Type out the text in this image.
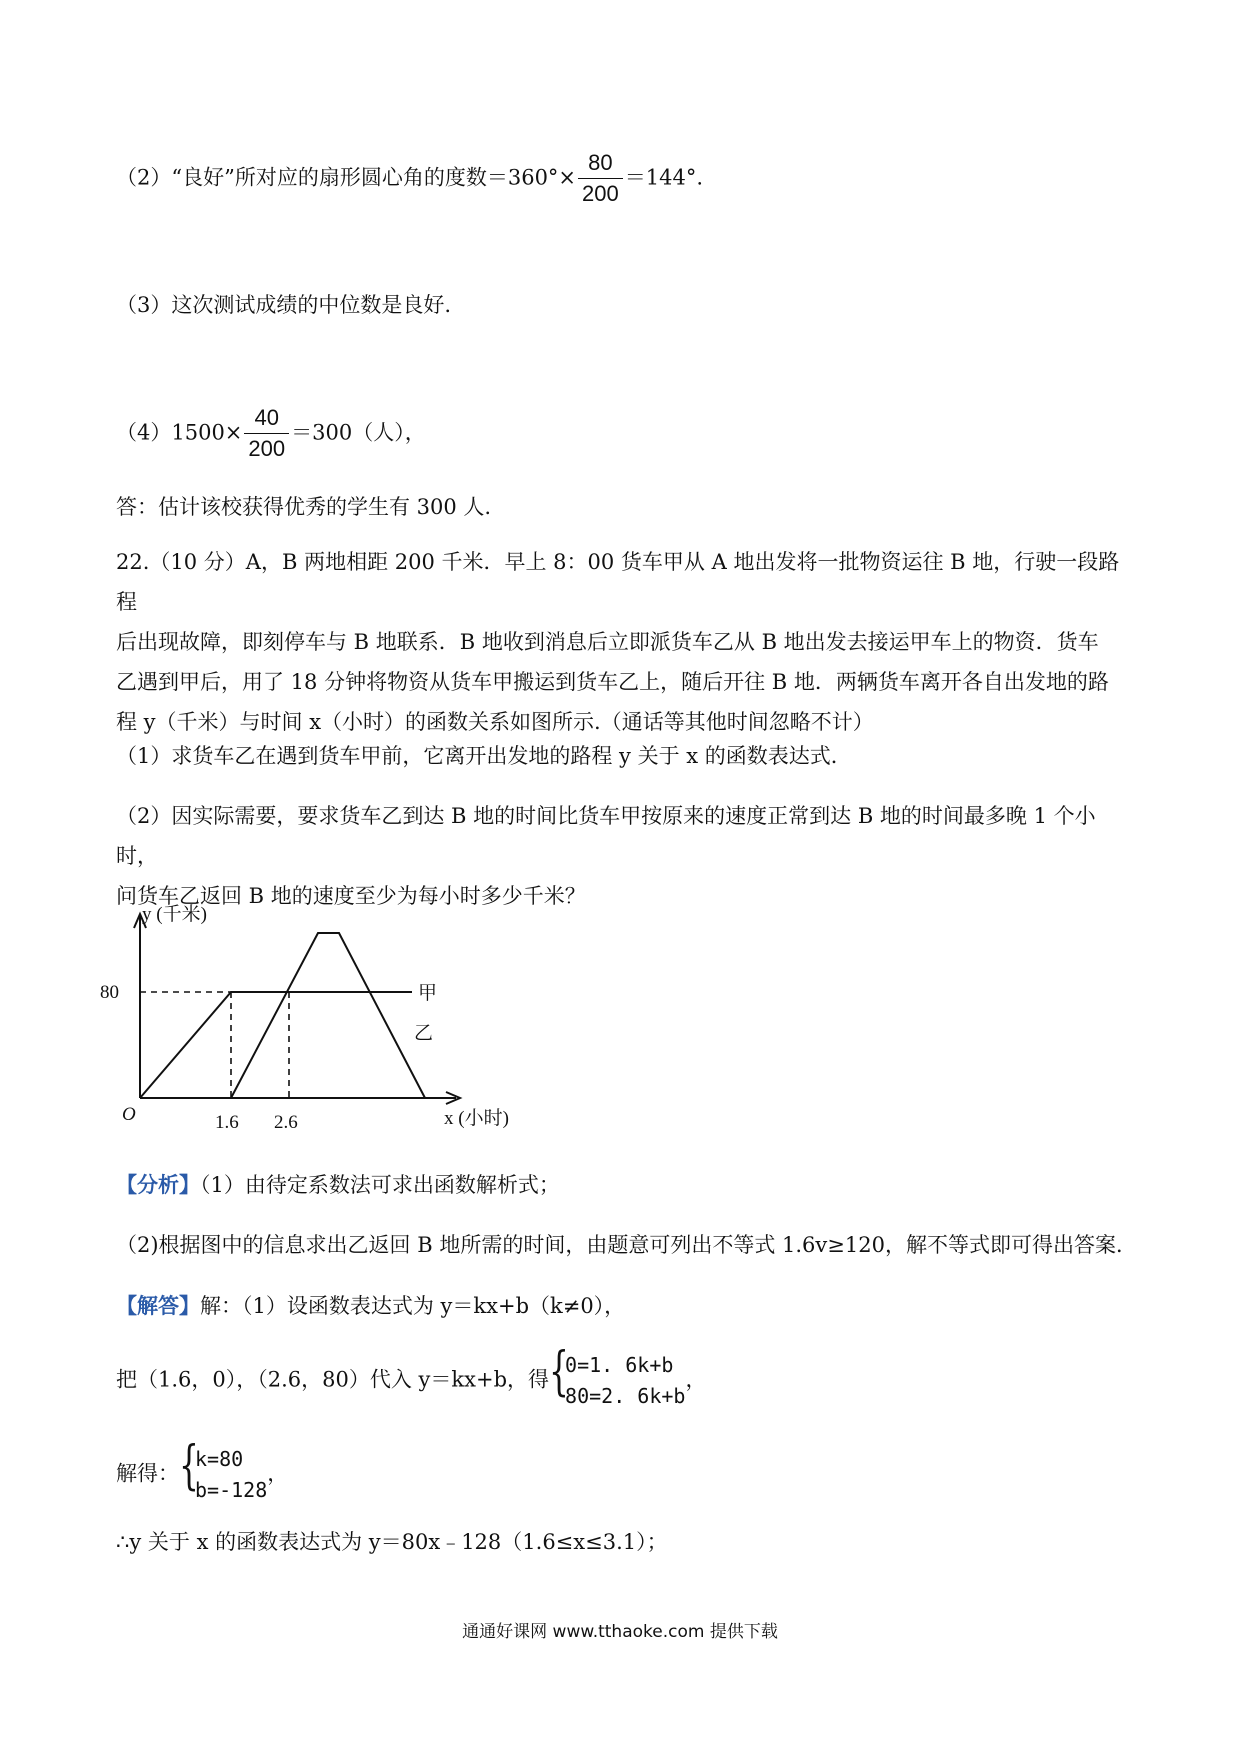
（2）“良好”所对应的扇形圆心角的度数$=360^\circ\times \frac{80}{200} =144^\circ$.
（3）这次测试成绩的中位数是良好.
$(4)1500\times \frac{40}{200} =300$（人），
答：估计该校获得优秀的学生有 300 人.
22.（10 分）A，B 两地相距 200 千米．早上 8：00 货车甲从 A 地出发将一批物资运往 B 地，行驶一段路程
后出现故障，即刻停车与 B 地联系．B 地收到消息后立即派货车乙从 B 地出发去接运甲车上的物资．货车
乙遇到甲后，用了 18 分钟将物资从货车甲搬运到货车乙上，随后开往 B 地．两辆货车离开各自出发地的路
程 y（千米）与时间 x（小时）的函数关系如图所示.（通话等其他时间忽略不计）
（1）求货车乙在遇到货车甲前，它离开出发地的路程 y 关于 x 的函数表达式．
（2）因实际需要，要求货车乙到达 B 地的时间比货车甲按原来的速度正常到达 B 地的时间最多晚 1 个小时，
问货车乙返回 B 地的速度至少为每小时多少千米？
y (千米)
x (小时)
O
80
1.6 2.6
甲
乙
【分析】（1）由待定系数法可求出函数解析式；
（2)根据图中的信息求出乙返回 B 地所需的时间，由题意可列出不等式 1.6v≥120，解不等式即可得出答案．
【解答】解：（1）设函数表达式为 y＝kx+b（k≠0），
把（1.6，0），（2.6，80）代入 y＝kx+b，得 {
0=1. 6k+b
80=2. 6k+b
，
解得： {
k=80
b=-128
，
∴y 关于 x 的函数表达式为 y＝80x﹣128（1.6≤x≤3.1）；
通通好课网 www.tthaoke.com 提供下载
